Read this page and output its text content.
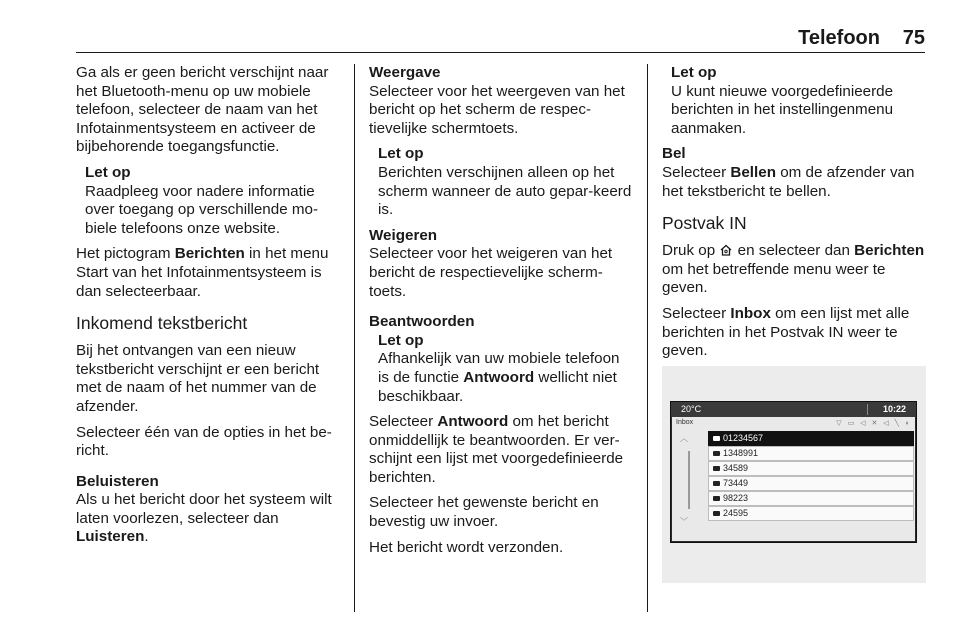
Telefoon 75

Ga als er geen bericht verschijnt naar het Bluetooth-menu op uw mobiele telefoon, selecteer de naam van het Infotainmentsysteem en activeer de bijbehorende toegangsfunctie.

Let op
Raadpleeg voor nadere informatie over toegang op verschillende mo‐biele telefoons onze website.

Het pictogram Berichten in het menu Start van het Infotainmentsysteem is dan selecteerbaar.

Inkomend tekstbericht

Bij het ontvangen van een nieuw tekstbericht verschijnt er een bericht met de naam of het nummer van de afzender.

Selecteer één van de opties in het be‐richt.

Beluisteren

Als u het bericht door het systeem wilt laten voorlezen, selecteer dan Luisteren.

Weergave

Selecteer voor het weergeven van het bericht op het scherm de respec‐tievelijke schermtoets.

Let op
Berichten verschijnen alleen op het scherm wanneer de auto gepar‐keerd is.
Weigeren

Selecteer voor het weigeren van het bericht de respectievelijke scherm‐toets.

Beantwoorden
Let op
Afhankelijk van uw mobiele telefoon is de functie Antwoord wellicht niet beschikbaar.

Selecteer Antwoord om het bericht onmiddellijk te beantwoorden. Er ver‐schijnt een lijst met voorgedefinieerde berichten.

Selecteer het gewenste bericht en bevestig uw invoer.

Het bericht wordt verzonden.

Let op
U kunt nieuwe voorgedefinieerde berichten in het instellingenmenu aanmaken.
Bel

Selecteer Bellen om de afzender van het tekstbericht te bellen.

Postvak IN

Druk op  en selecteer dan Berichten om het betreffende menu weer te geven.

Selecteer Inbox om een lijst met alle berichten in het Postvak IN weer te geven.

20°C	10:22
Inbox	▽ ▭ ◁ ✕ ◁ ╲ ◖
︿
﹀
01234567
1348991
34589
73449
98223
24595
